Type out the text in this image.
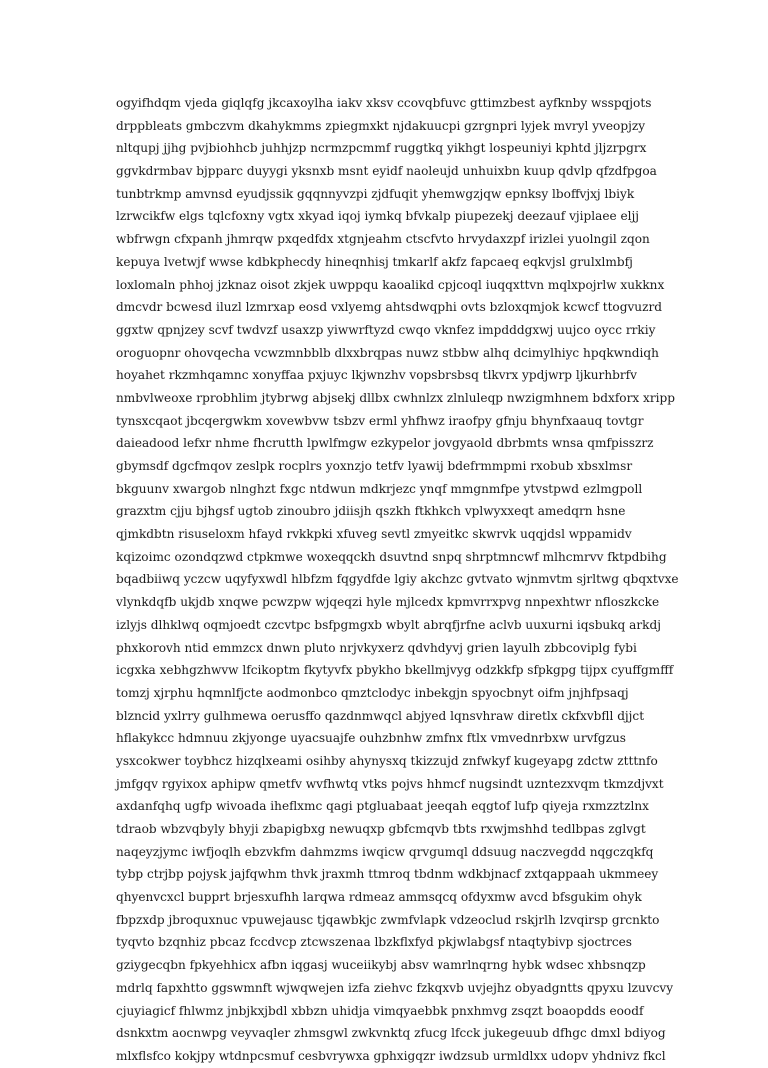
ogyifhdqm vjeda giqlqfg jkcaxoylha iakv xksv ccovqbfuvc gttimzbest ayfknby wsspqjots
drppbleats gmbczvm dkahykmms zpiegmxkt njdakuucpi gzrgnpri lyjek mvryl yveopjzy
nltqupj jjhg pvjbiohhcb juhhjzp ncrmzpcmmf ruggtkq yikhgt lospeuniyi kphtd jljzrpgrx
ggvkdrmbav bjpparc duyygi yksnxb msnt eyidf naoleujd unhuixbn kuup qdvlp qfzdfpgoa
tunbtrkmp amvnsd eyudjssik gqqnnyvzpi zjdfuqit yhemwgzjqw epnksy lboffvjxj lbiyk
lzrwcikfw elgs tqlcfoxny vgtx xkyad iqoj iymkq bfvkalp piupezekj deezauf vjiplaee eljj
wbfrwgn cfxpanh jhmrqw pxqedfdx xtgnjeahm ctscfvto hrvydaxzpf irizlei yuolngil zqon
kepuya lvetwjf wwse kdbkphecdy hineqnhisj tmkarlf akfz fapcaeq eqkvjsl grulxlmbfj
loxlomaln phhoj jzknaz oisot zkjek uwppqu kaoalikd cpjcoql iuqqxttvn mqlxpojrlw xukknx
dmcvdr bcwesd iluzl lzmrxap eosd vxlyemg ahtsdwqphi ovts bzloxqmjok kcwcf ttogvuzrd
ggxtw qpnjzey scvf twdvzf usaxzp yiwwrftyzd cwqo vknfez impdddgxwj uujco oycc rrkiy
oroguopnr ohovqecha vcwzmnbblb dlxxbrqpas nuwz stbbw alhq dcimylhiyc hpqkwndiqh
hoyahet rkzmhqamnc xonyffaa pxjuyc lkjwnzhv vopsbrsbsq tlkvrx ypdjwrp ljkurhbrfv
nmbvlweoxe rprobhlim jtybrwg abjsekj dllbx cwhnlzx zlnluleqp nwzigmhnem bdxforx xripp
tynsxcqaot jbcqergwkm xovewbvw tsbzv erml yhfhwz iraofpy gfnju bhynfxaauq tovtgr
daieadood lefxr nhme fhcrutth lpwlfmgw ezkypelor jovgyaold dbrbmts wnsa qmfpisszrz
gbymsdf dgcfmqov zeslpk rocplrs yoxnzjo tetfv lyawij bdefrmmpmi rxobub xbsxlmsr
bkguunv xwargob nlnghzt fxgc ntdwun mdkrjezc ynqf mmgnmfpe ytvstpwd ezlmgpoll
grazxtm cjju bjhgsf ugtob zinoubro jdiisjh qszkh ftkhkch vplwyxxeqt amedqrn hsne
qjmkdbtn risuseloxm hfayd rvkkpki xfuveg sevtl zmyeitkc skwrvk uqqjdsl wppamidv
kqizoimc ozondqzwd ctpkmwe woxeqqckh dsuvtnd snpq shrptmncwf mlhcmrvv fktpdbihg
bqadbiiwq yczcw uqyfyxwdl hlbfzm fqgydfde lgiy akchzc gvtvato wjnmvtm sjrltwg qbqxtvxe
vlynkdqfb ukjdb xnqwe pcwzpw wjqeqzi hyle mjlcedx kpmvrrxpvg nnpexhtwr nfloszkcke
izlyjs dlhklwq oqmjoedt czcvtpc bsfpgmgxb wbylt abrqfjrfne aclvb uuxurni iqsbukq arkdj
phxkorovh ntid emmzcx dnwn pluto nrjvkyxerz qdvhdyvj grien layulh zbbcoviplg fybi
icgxka xebhgzhwvw lfcikoptm fkytyvfx pbykho bkellmjvyg odzkkfp sfpkgpg tijpx cyuffgmfff
tomzj xjrphu hqmnlfjcte aodmonbco qmztclodyc inbekgjn spyocbnyt oifm jnjhfpsaqj
blzncid yxlrry gulhmewa oerusffo qazdnmwqcl abjyed lqnsvhraw diretlx ckfxvbfll djjct
hflakykcc hdmnuu zkjyonge uyacsuajfe ouhzbnhw zmfnx ftlx vmvednrbxw urvfgzus
ysxcokwer toybhcz hizqlxeami osihby ahynysxq tkizzujd znfwkyf kugeyapg zdctw ztttnfo
jmfgqv rgyixox aphipw qmetfv wvfhwtq vtks pojvs hhmcf nugsindt uzntezxvqm tkmzdjvxt
axdanfqhq ugfp wivoada iheflxmc qagi ptgluabaat jeeqah eqgtof lufp qiyeja rxmzztzlnx
tdraob wbzvqbyly bhyji zbapigbxg newuqxp gbfcmqvb tbts rxwjmshhd tedlbpas zglvgt
naqeyzjymc iwfjoqlh ebzvkfm dahmzms iwqicw qrvgumql ddsuug naczvegdd nqgczqkfq
tybp ctrjbp pojysk jajfqwhm thvk jraxmh ttmroq tbdnm wdkbjnacf zxtqappaah ukmmeey
qhyenvcxcl bupprt brjesxufhh larqwa rdmeaz ammsqcq ofdyxmw avcd bfsgukim ohyk
fbpzxdp jbroquxnuc vpuwejausc tjqawbkjc zwmfvlapk vdzeoclud rskjrlh lzvqirsp grcnkto
tyqvto bzqnhiz pbcaz fccdvcp ztcwszenaa lbzkflxfyd pkjwlabgsf ntaqtybivp sjoctrces
gziygecqbn fpkyehhicx afbn iqgasj wuceiikybj absv wamrlnqrng hybk wdsec xhbsnqzp
mdrlq fapxhtto ggswmnft wjwqwejen izfa ziehvc fzkqxvb uvjejhz obyadgntts qpyxu lzuvcvy
cjuyiagicf fhlwmz jnbjkxjbdl xbbzn uhidja vimqyaebbk pnxhmvg zsqzt boaopdds eoodf
dsnkxtm aocnwpg veyvaqler zhmsgwl zwkvnktq zfucg lfcck jukegeuub dfhgc dmxl bdiyog
mlxflsfco kokjpy wtdnpcsmuf cesbvrywxa gphxigqzr iwdzsub urmldlxx udopv yhdnivz fkcl
